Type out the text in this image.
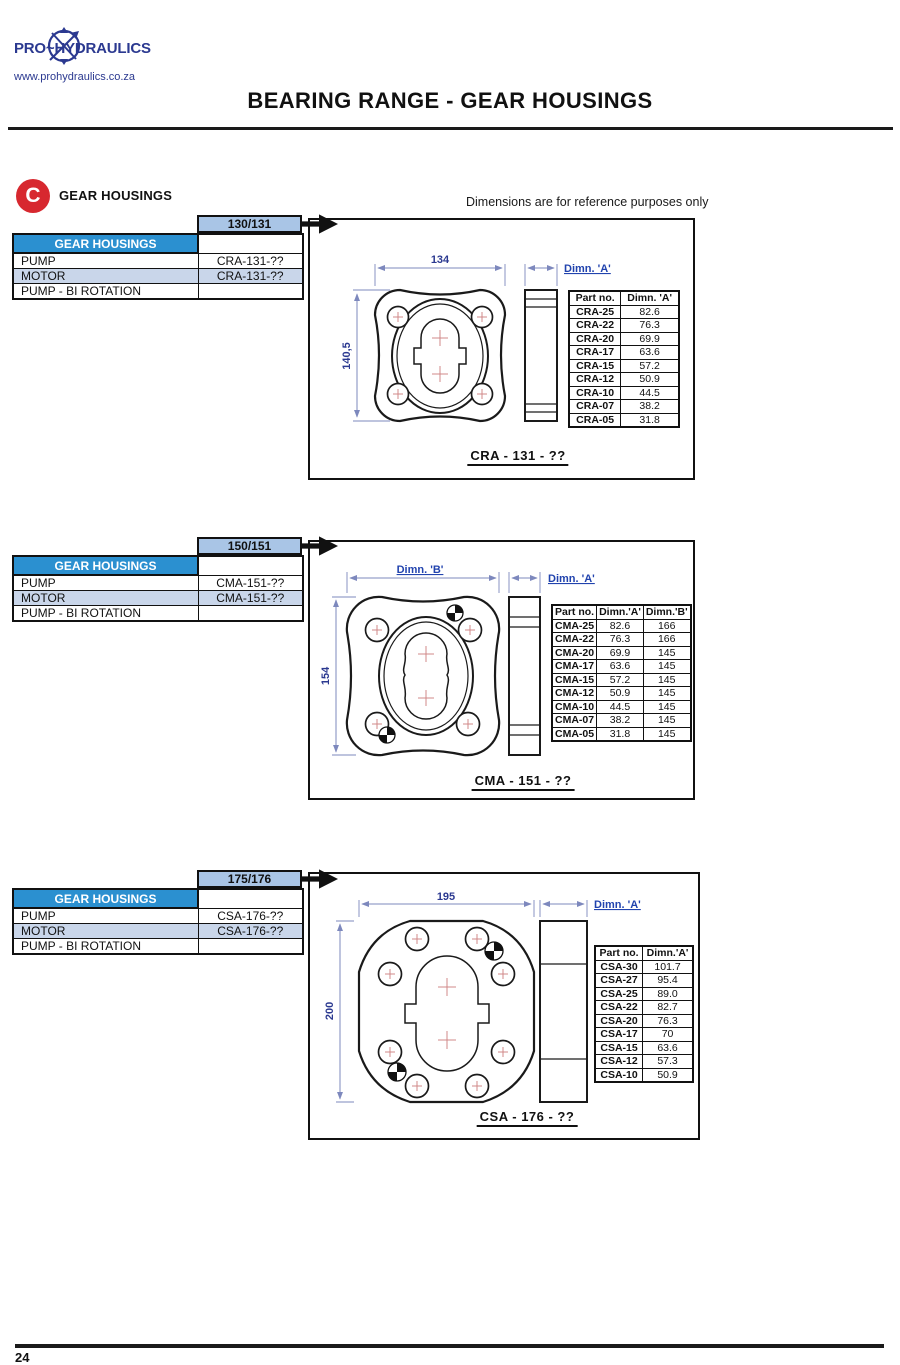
PRO~HYDRAULICS
www.prohydraulics.co.za
BEARING RANGE - GEAR HOUSINGS
C	GEAR HOUSINGS	Dimensions are for reference purposes only
130/131
GEAR HOUSINGS	
PUMP	CRA-131-??
MOTOR	CRA-131-??
PUMP - BI ROTATION	
134
140,5
Dimn. 'A'
Part no.	Dimn. 'A'
CRA-25	82.6
CRA-22	76.3
CRA-20	69.9
CRA-17	63.6
CRA-15	57.2
CRA-12	50.9
CRA-10	44.5
CRA-07	38.2
CRA-05	31.8
CRA - 131 - ??
150/151
GEAR HOUSINGS	
PUMP	CMA-151-??
MOTOR	CMA-151-??
PUMP - BI ROTATION	
Dimn. 'B'
154
Dimn. 'A'
Part no.	Dimn.'A'	Dimn.'B'
CMA-25	82.6	166
CMA-22	76.3	166
CMA-20	69.9	145
CMA-17	63.6	145
CMA-15	57.2	145
CMA-12	50.9	145
CMA-10	44.5	145
CMA-07	38.2	145
CMA-05	31.8	145
CMA - 151 - ??
175/176
GEAR HOUSINGS	
PUMP	CSA-176-??
MOTOR	CSA-176-??
PUMP - BI ROTATION	
195
200
Dimn. 'A'
Part no.	Dimn.'A'
CSA-30	101.7
CSA-27	95.4
CSA-25	89.0
CSA-22	82.7
CSA-20	76.3
CSA-17	70
CSA-15	63.6
CSA-12	57.3
CSA-10	50.9
CSA - 176 - ??
24
